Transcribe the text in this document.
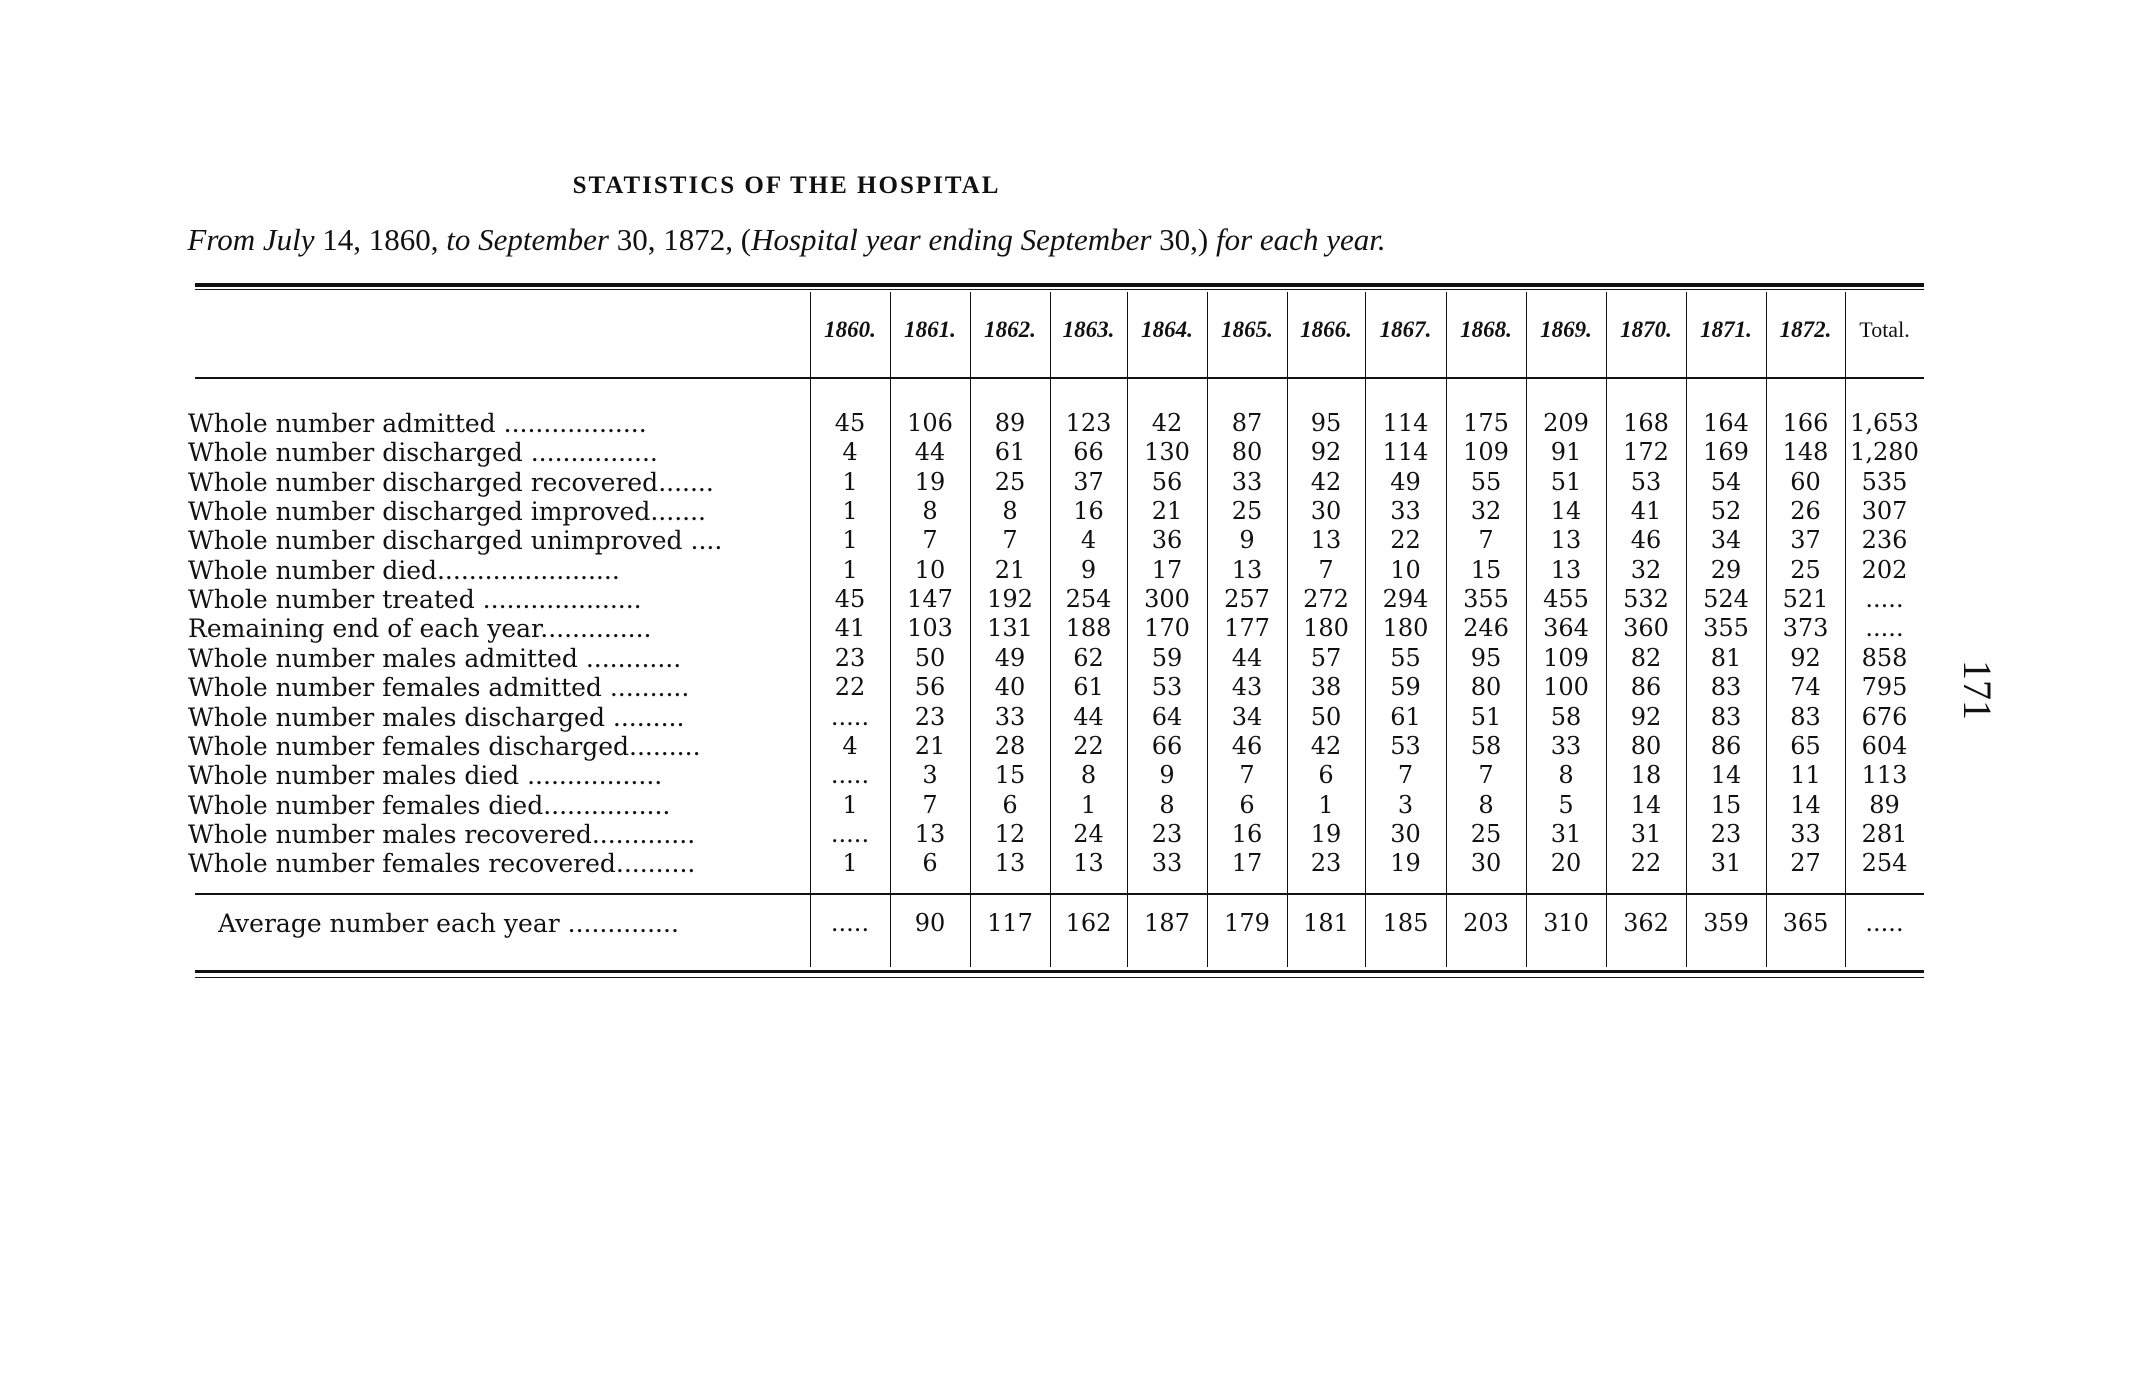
STATISTICS OF THE HOSPITAL
From July 14, 1860, to September 30, 1872, (Hospital year ending September 30,) for each year.
171
1860.	1861.	1862.	1863.	1864.	1865.	1866.	1867.	1868.	1869.	1870.	1871.	1872.	Total.
Whole number admitted ..................	45	106	89	123	42	87	95	114	175	209	168	164	166 1,653
Whole number discharged ................	4	44	61	66	130	80	92	114	109	91	172	169	148 1,280
Whole number discharged recovered.......	1	19	25	37	56	33	42	49	55	51	53	54	60	535
Whole number discharged improved.......	1	8	8	16	21	25	30	33	32	14	41	52	26	307
Whole number discharged unimproved ....	1	7	7	4	36	9	13	22	7	13	46	34	37	236
Whole number died.......................	1	10	21	9	17	13	7	10	15	13	32	29	25	202
Whole number treated ....................	45	147	192	254	300	257	272	294	355	455	532	524	521	.....
Remaining end of each year..............	41	103	131	188	170	177	180	180	246	364	360	355	373	.....
Whole number males admitted ............	23	50	49	62	59	44	57	55	95	109	82	81	92	858
Whole number females admitted ..........	22	56	40	61	53	43	38	59	80	100	86	83	74	795
Whole number males discharged .........	.....	23	33	44	64	34	50	61	51	58	92	83	83	676
Whole number females discharged.........	4	21	28	22	66	46	42	53	58	33	80	86	65	604
Whole number males died .................	.....	3	15	8	9	7	6	7	7	8	18	14	11	113
Whole number females died................	1	7	6	1	8	6	1	3	8	5	14	15	14	89
Whole number males recovered.............	.....	13	12	24	23	16	19	30	25	31	31	23	33	281
Whole number females recovered..........	1	6	13	13	33	17	23	19	30	20	22	31	27	254
Average number each year ..............	.....	90	117	162	187	179	181	185	203	310	362	359	365	.....
